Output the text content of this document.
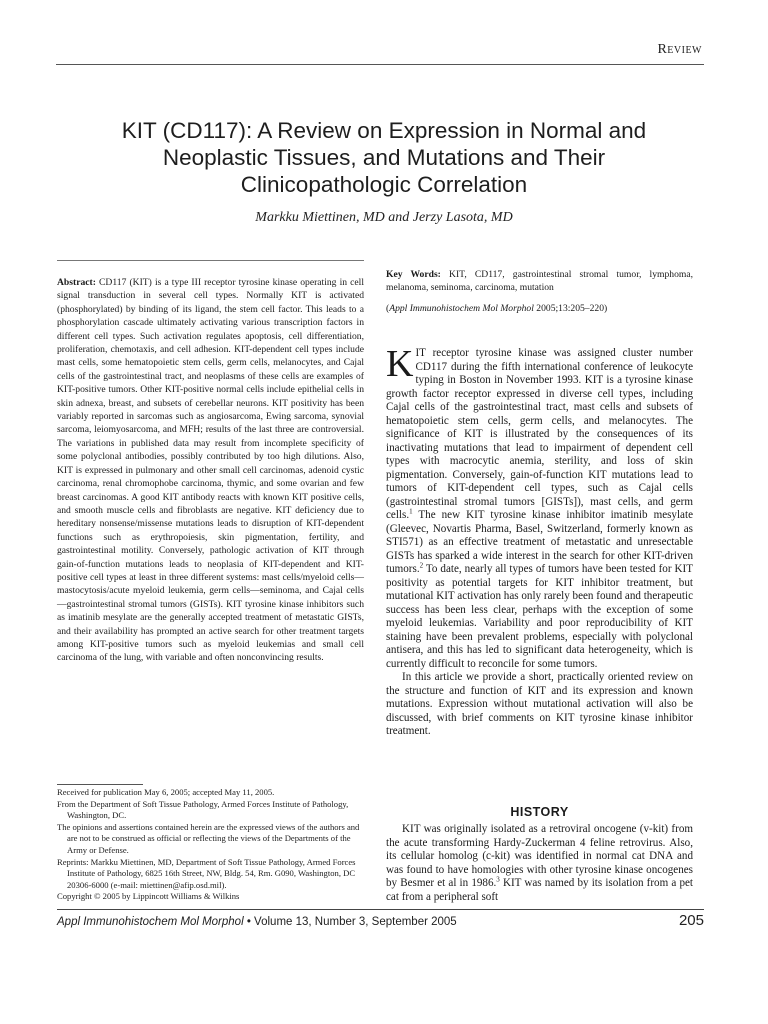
Review
KIT (CD117): A Review on Expression in Normal and
Neoplastic Tissues, and Mutations and Their
Clinicopathologic Correlation
Markku Miettinen, MD and Jerzy Lasota, MD

Abstract: CD117 (KIT) is a type III receptor tyrosine kinase operating in cell signal transduction in several cell types. Normally KIT is activated (phosphorylated) by binding of its ligand, the stem cell factor. This leads to a phosphorylation cascade ultimately activating various transcription factors in different cell types. Such activation regulates apoptosis, cell differentiation, proliferation, chemotaxis, and cell adhesion. KIT-dependent cell types include mast cells, some hematopoietic stem cells, germ cells, melanocytes, and Cajal cells of the gastrointestinal tract, and neoplasms of these cells are examples of KIT-positive tumors. Other KIT-positive normal cells include epithelial cells in skin adnexa, breast, and subsets of cerebellar neurons. KIT positivity has been variably reported in sarcomas such as angiosarcoma, Ewing sarcoma, synovial sarcoma, leiomyosarcoma, and MFH; results of the last three are controversial. The variations in published data may result from incomplete specificity of some polyclonal antibodies, possibly contributed by too high dilutions. Also, KIT is expressed in pulmonary and other small cell carcinomas, adenoid cystic carcinoma, renal chromophobe carcinoma, thymic, and some ovarian and few breast carcinomas. A good KIT antibody reacts with known KIT positive cells, and smooth muscle cells and fibroblasts are negative. KIT deficiency due to hereditary nonsense/missense mutations leads to disruption of KIT-dependent functions such as erythropoiesis, skin pigmentation, fertility, and gastrointestinal motility. Conversely, pathologic activation of KIT through gain-of-function mutations leads to neoplasia of KIT-dependent and KIT-positive cell types at least in three different systems: mast cells/myeloid cells—mastocytosis/acute myeloid leukemia, germ cells—seminoma, and Cajal cells—gastrointestinal stromal tumors (GISTs). KIT tyrosine kinase inhibitors such as imatinib mesylate are the generally accepted treatment of metastatic GISTs, and their availability has prompted an active search for other treatment targets among KIT-positive tumors such as myeloid leukemias and small cell carcinoma of the lung, with variable and often nonconvincing results.

Key Words: KIT, CD117, gastrointestinal stromal tumor, lymphoma, melanoma, seminoma, carcinoma, mutation

(Appl Immunohistochem Mol Morphol 2005;13:205–220)

KIT receptor tyrosine kinase was assigned cluster number CD117 during the fifth international conference of leukocyte typing in Boston in November 1993. KIT is a tyrosine kinase growth factor receptor expressed in diverse cell types, including Cajal cells of the gastrointestinal tract, mast cells and subsets of hematopoietic stem cells, germ cells, and melanocytes. The significance of KIT is illustrated by the consequences of its inactivating mutations that lead to impairment of dependent cell types with macrocytic anemia, sterility, and loss of skin pigmentation. Conversely, gain-of-function KIT mutations lead to tumors of KIT-dependent cell types, such as Cajal cells (gastrointestinal stromal tumors [GISTs]), mast cells, and germ cells.$^1$ The new KIT tyrosine kinase inhibitor imatinib mesylate (Gleevec, Novartis Pharma, Basel, Switzerland, formerly known as STI571) as an effective treatment of metastatic and unresectable GISTs has sparked a wide interest in the search for other KIT-driven tumors.$^2$ To date, nearly all types of tumors have been tested for KIT positivity as potential targets for KIT inhibitor treatment, but mutational KIT activation has only rarely been found and therapeutic success has been less clear, perhaps with the exception of some myeloid leukemias. Variability and poor reproducibility of KIT staining have been prevalent problems, especially with polyclonal antisera, and this has led to significant data heterogeneity, which is currently difficult to reconcile for some tumors.

In this article we provide a short, practically oriented review on the structure and function of KIT and its expression and known mutations. Expression without mutational activation will also be discussed, with brief comments on KIT tyrosine kinase inhibitor treatment.

HISTORY

KIT was originally isolated as a retroviral oncogene (v-kit) from the acute transforming Hardy-Zuckerman 4 feline retrovirus. Also, its cellular homolog (c-kit) was identified in normal cat DNA and was found to have homologies with other tyrosine kinase oncogenes by Besmer et al in 1986.$^3$ KIT was named by its isolation from a pet cat from a peripheral soft

Received for publication May 6, 2005; accepted May 11, 2005.

From the Department of Soft Tissue Pathology, Armed Forces Institute of Pathology, Washington, DC.

The opinions and assertions contained herein are the expressed views of the authors and are not to be construed as official or reflecting the views of the Departments of the Army or Defense.

Reprints: Markku Miettinen, MD, Department of Soft Tissue Pathology, Armed Forces Institute of Pathology, 6825 16th Street, NW, Bldg. 54, Rm. G090, Washington, DC 20306-6000 (e-mail: miettinen@afip.osd.mil).

Copyright © 2005 by Lippincott Williams & Wilkins

Appl Immunohistochem Mol Morphol • Volume 13, Number 3, September 2005	205
